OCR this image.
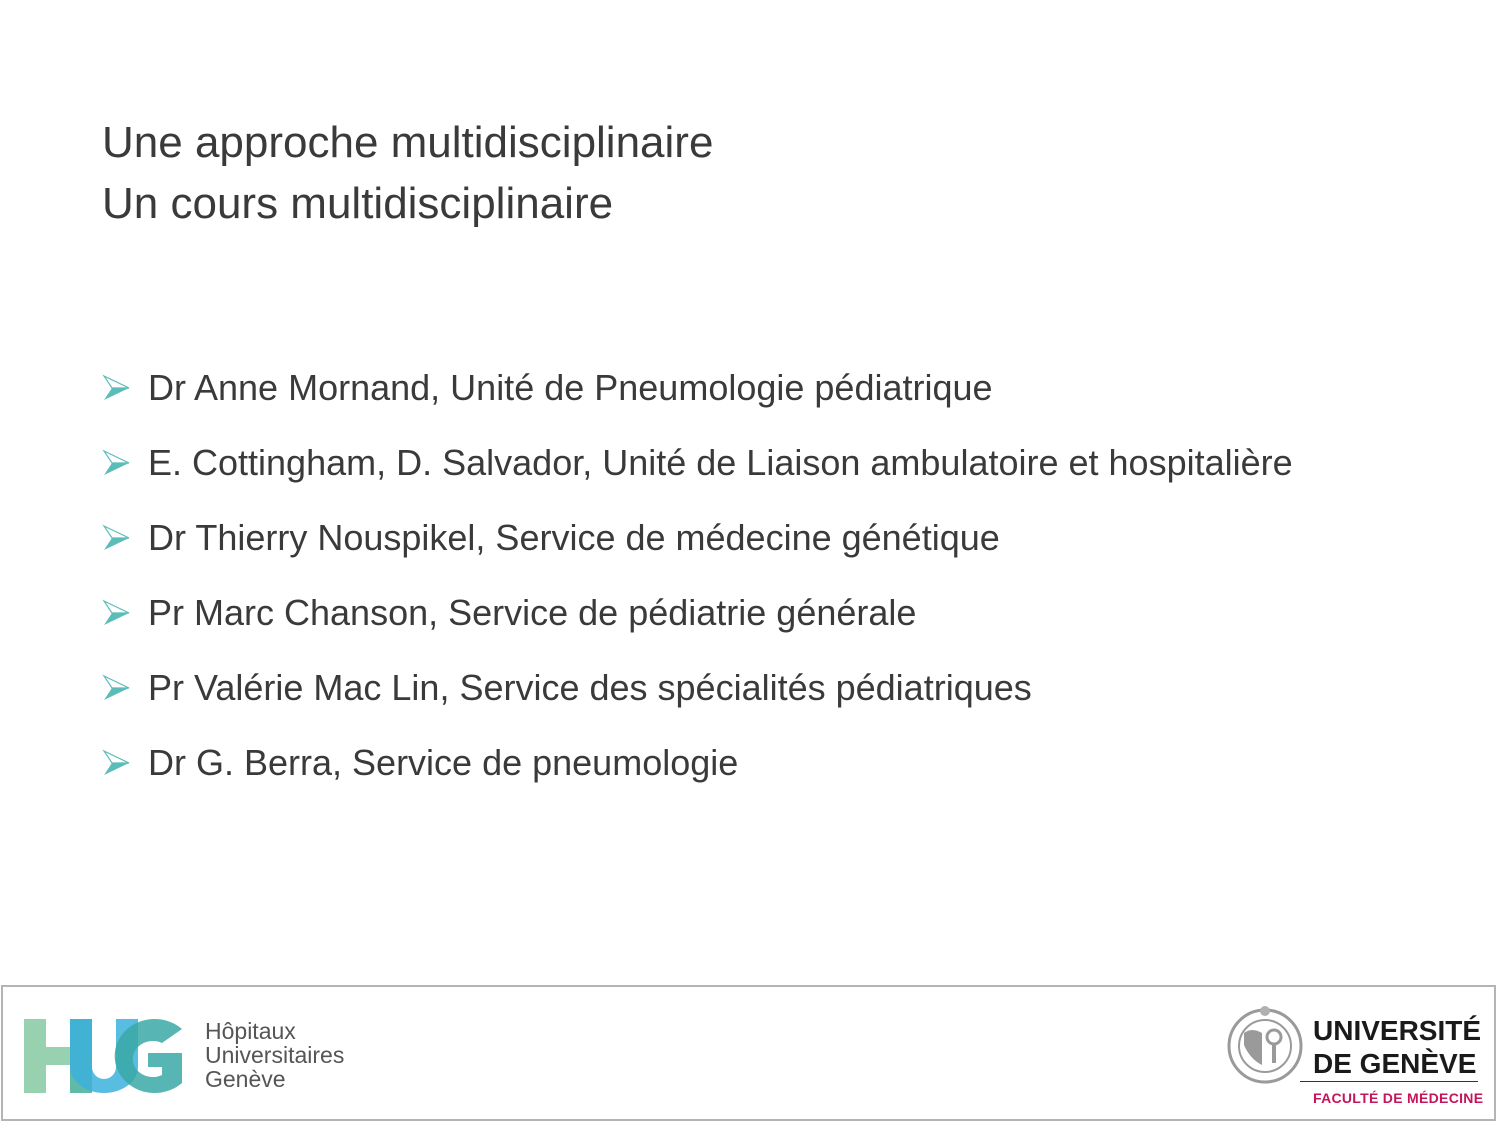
Une approche multidisciplinaire
Un cours multidisciplinaire
Dr Anne Mornand, Unité de Pneumologie pédiatrique
E. Cottingham, D. Salvador, Unité de Liaison ambulatoire et hospitalière
Dr Thierry Nouspikel, Service de médecine génétique
Pr Marc Chanson, Service de pédiatrie générale
Pr Valérie Mac Lin, Service des spécialités pédiatriques
Dr G. Berra, Service de pneumologie
Hôpitaux
Universitaires
Genève
UNIVERSITÉ
DE GENÈVE
FACULTÉ DE MÉDECINE
